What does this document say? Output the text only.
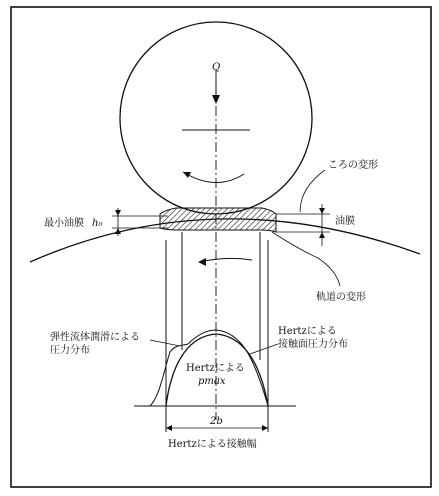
Q
ころの変形
油膜
最小油膜 h₀
軌道の変形
弾性流体潤滑による
圧力分布
Hertzによる
接触面圧力分布
Hertzによる
pmax
2b
Hertzによる接触幅
